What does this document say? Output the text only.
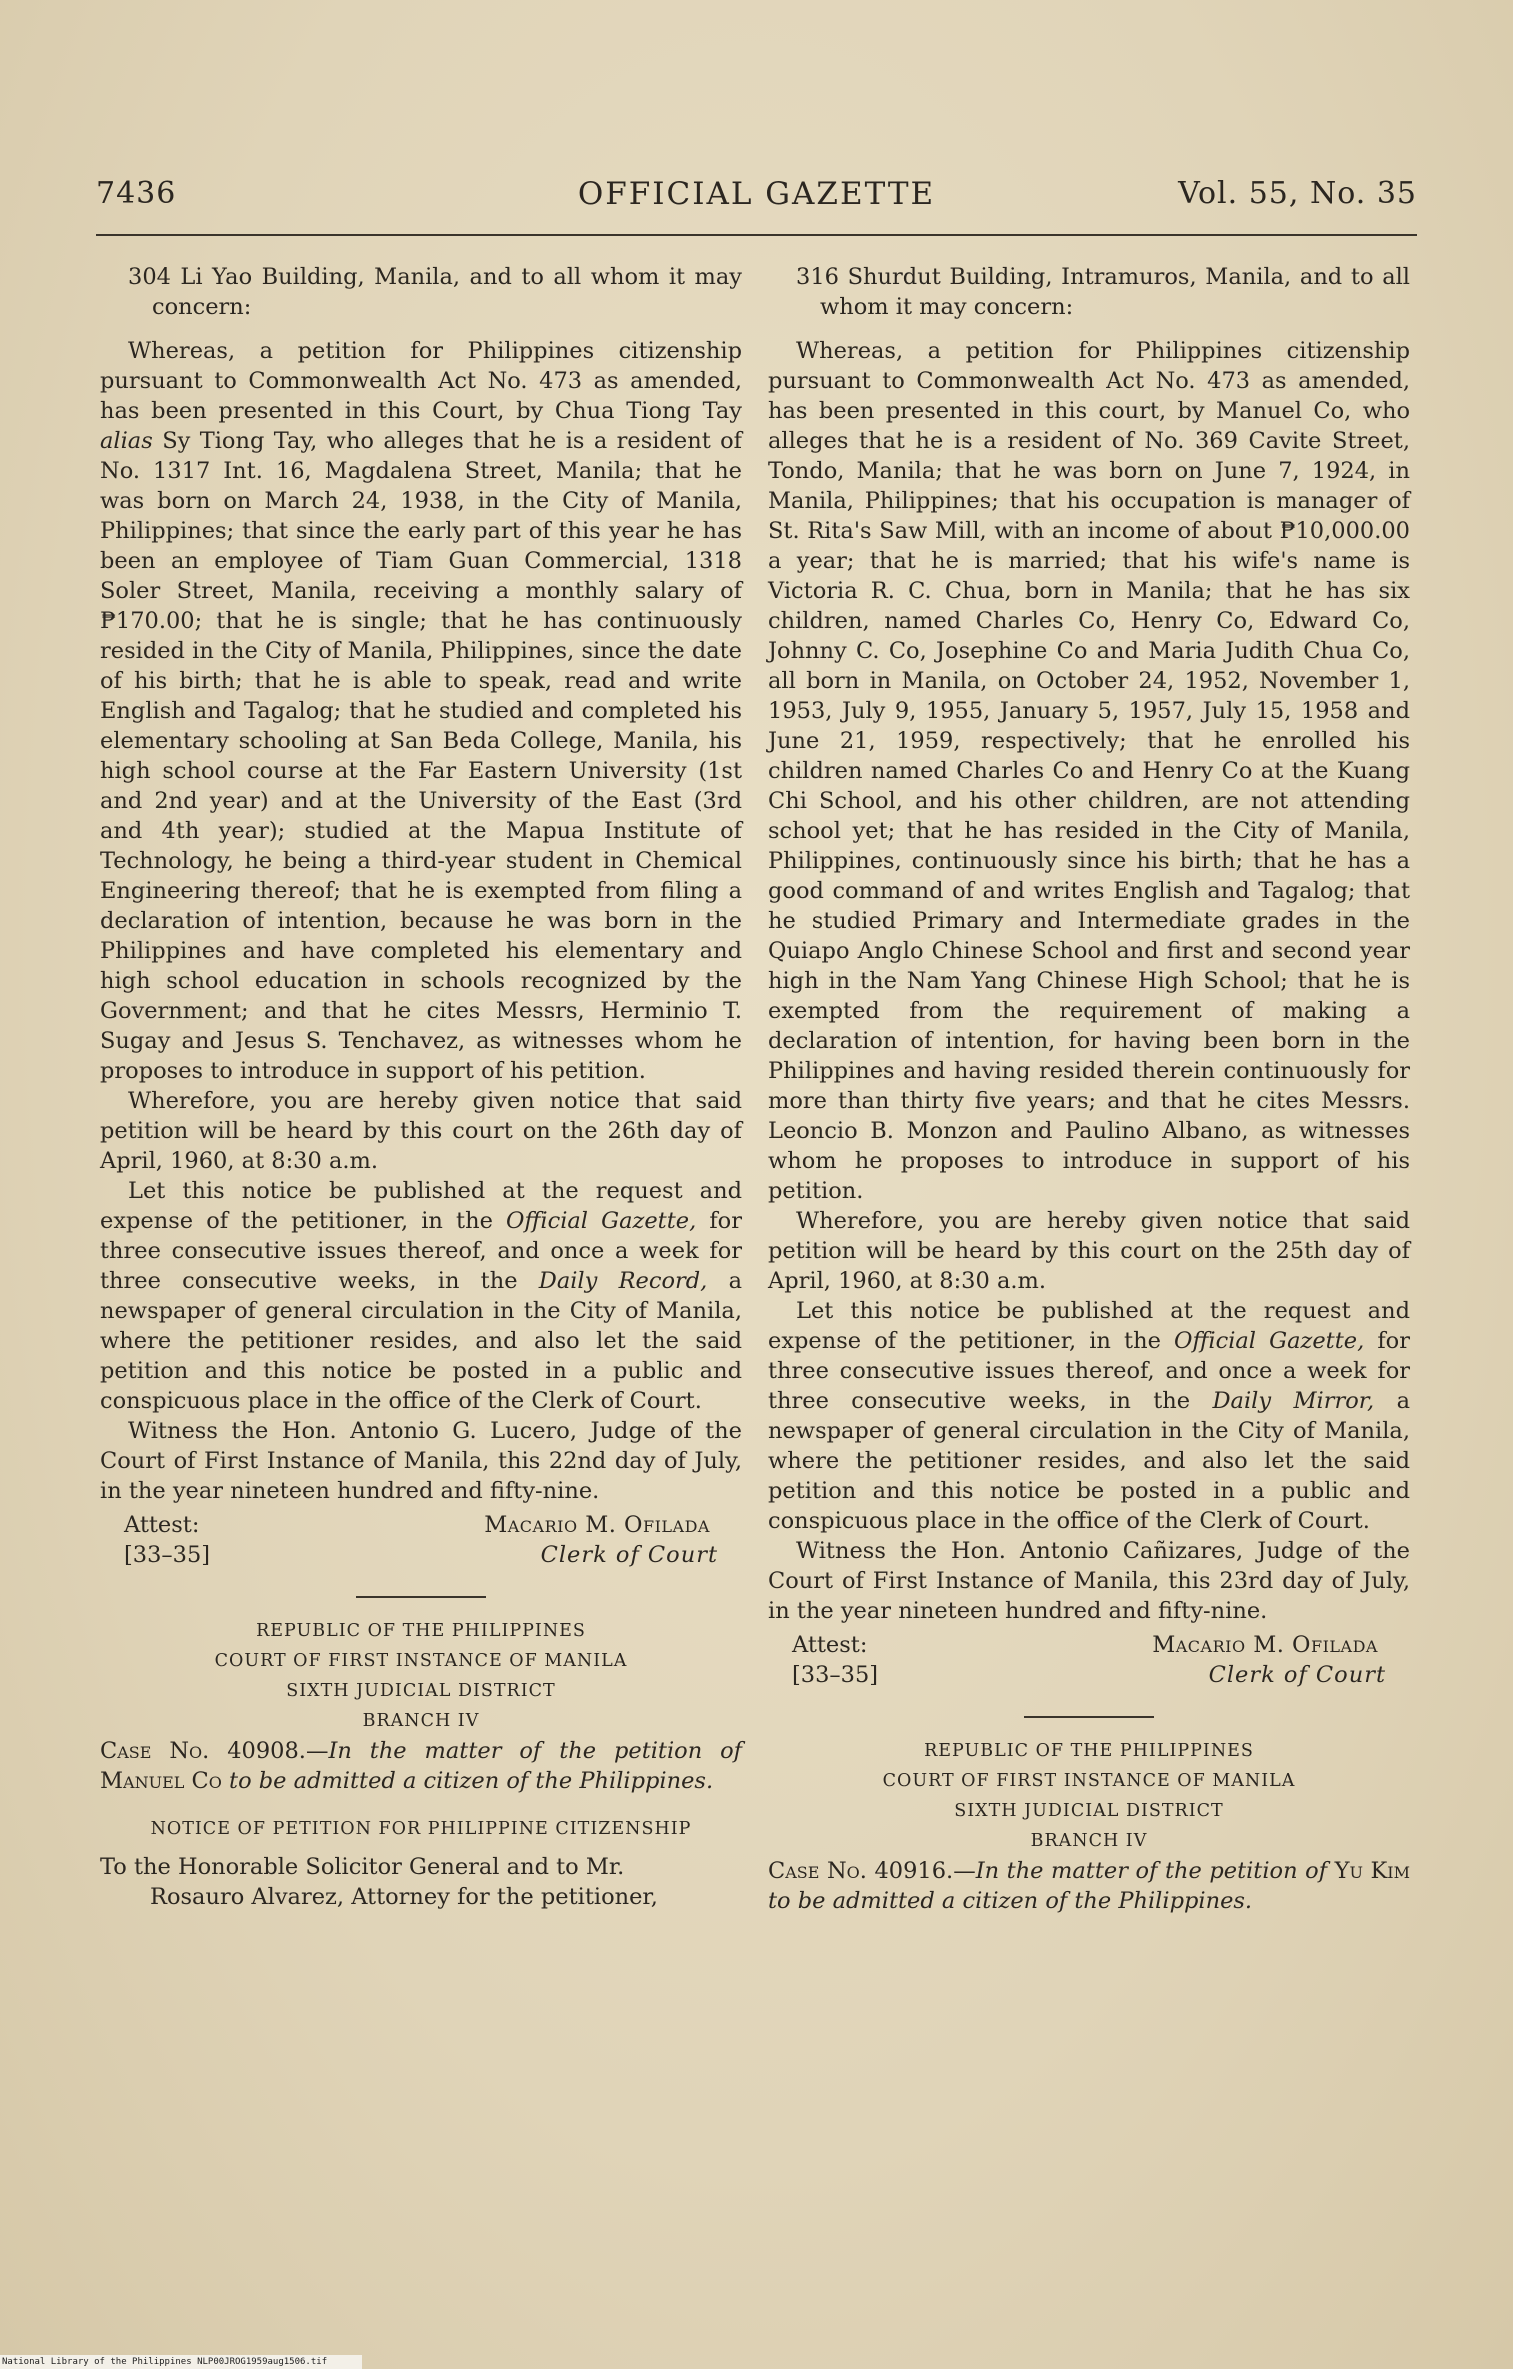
7436	OFFICIAL GAZETTE	Vol. 55, No. 35

304 Li Yao Building, Manila, and to all whom it may concern:

Whereas, a petition for Philippines citizenship pursuant to Commonwealth Act No. 473 as amended, has been presented in this Court, by Chua Tiong Tay alias Sy Tiong Tay, who alleges that he is a resident of No. 1317 Int. 16, Magdalena Street, Manila; that he was born on March 24, 1938, in the City of Manila, Philippines; that since the early part of this year he has been an employee of Tiam Guan Commercial, 1318 Soler Street, Manila, receiving a monthly salary of ₱170.00; that he is single; that he has continuously resided in the City of Manila, Philippines, since the date of his birth; that he is able to speak, read and write English and Tagalog; that he studied and completed his elementary schooling at San Beda College, Manila, his high school course at the Far Eastern University (1st and 2nd year) and at the University of the East (3rd and 4th year); studied at the Mapua Institute of Technology, he being a third-year student in Chemical Engineering thereof; that he is exempted from filing a declaration of intention, because he was born in the Philippines and have completed his elementary and high school education in schools recognized by the Government; and that he cites Messrs, Herminio T. Sugay and Jesus S. Tenchavez, as witnesses whom he proposes to introduce in support of his petition.

Wherefore, you are hereby given notice that said petition will be heard by this court on the 26th day of April, 1960, at 8:30 a.m.

Let this notice be published at the request and expense of the petitioner, in the Official Gazette, for three consecutive issues thereof, and once a week for three consecutive weeks, in the Daily Record, a newspaper of general circulation in the City of Manila, where the petitioner resides, and also let the said petition and this notice be posted in a public and conspicuous place in the office of the Clerk of Court.

Witness the Hon. Antonio G. Lucero, Judge of the Court of First Instance of Manila, this 22nd day of July, in the year nineteen hundred and fifty-nine.

Attest:
[33–35]
Macario M. Ofilada
Clerk of Court
REPUBLIC OF THE PHILIPPINES
COURT OF FIRST INSTANCE OF MANILA
SIXTH JUDICIAL DISTRICT
BRANCH IV

Case No. 40908.—In the matter of the petition of Manuel Co to be admitted a citizen of the Philippines.

NOTICE OF PETITION FOR PHILIPPINE CITIZENSHIP

To the Honorable Solicitor General and to Mr.
Rosauro Alvarez, Attorney for the petitioner,

316 Shurdut Building, Intramuros, Manila, and to all whom it may concern:

Whereas, a petition for Philippines citizenship pursuant to Commonwealth Act No. 473 as amended, has been presented in this court, by Manuel Co, who alleges that he is a resident of No. 369 Cavite Street, Tondo, Manila; that he was born on June 7, 1924, in Manila, Philippines; that his occupation is manager of St. Rita's Saw Mill, with an income of about ₱10,000.00 a year; that he is married; that his wife's name is Victoria R. C. Chua, born in Manila; that he has six children, named Charles Co, Henry Co, Edward Co, Johnny C. Co, Josephine Co and Maria Judith Chua Co, all born in Manila, on October 24, 1952, November 1, 1953, July 9, 1955, January 5, 1957, July 15, 1958 and June 21, 1959, respectively; that he enrolled his children named Charles Co and Henry Co at the Kuang Chi School, and his other children, are not attending school yet; that he has resided in the City of Manila, Philippines, continuously since his birth; that he has a good command of and writes English and Tagalog; that he studied Primary and Intermediate grades in the Quiapo Anglo Chinese School and first and second year high in the Nam Yang Chinese High School; that he is exempted from the requirement of making a declaration of intention, for having been born in the Philippines and having resided therein continuously for more than thirty five years; and that he cites Messrs. Leoncio B. Monzon and Paulino Albano, as witnesses whom he proposes to introduce in support of his petition.

Wherefore, you are hereby given notice that said petition will be heard by this court on the 25th day of April, 1960, at 8:30 a.m.

Let this notice be published at the request and expense of the petitioner, in the Official Gazette, for three consecutive issues thereof, and once a week for three consecutive weeks, in the Daily Mirror, a newspaper of general circulation in the City of Manila, where the petitioner resides, and also let the said petition and this notice be posted in a public and conspicuous place in the office of the Clerk of Court.

Witness the Hon. Antonio Cañizares, Judge of the Court of First Instance of Manila, this 23rd day of July, in the year nineteen hundred and fifty-nine.

Attest:
[33–35]
Macario M. Ofilada
Clerk of Court
REPUBLIC OF THE PHILIPPINES
COURT OF FIRST INSTANCE OF MANILA
SIXTH JUDICIAL DISTRICT
BRANCH IV

Case No. 40916.—In the matter of the petition of Yu Kim to be admitted a citizen of the Philippines.

National Library of the Philippines NLP00JROG1959aug1506.tif
